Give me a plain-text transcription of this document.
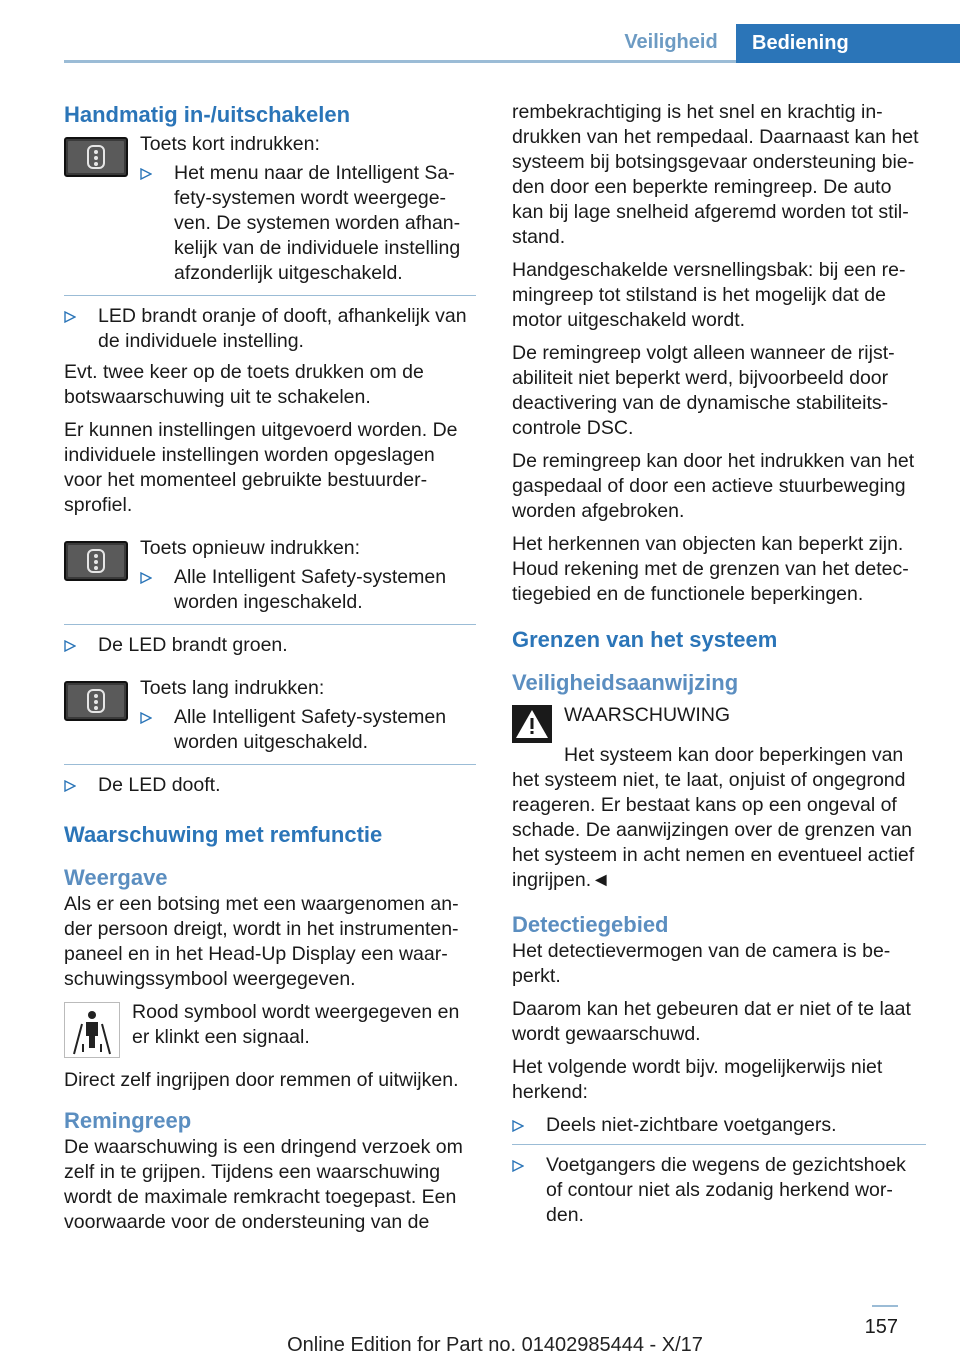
Veiligheid	Bediening
Handmatig in-/uitschakelen

Toets kort indrukken:

Het menu naar de Intelligent Sa‐ fety-systemen wordt weergege‐ ven. De systemen worden afhan‐ kelijk van de individuele instelling afzonderlijk uitgeschakeld.
LED brandt oranje of dooft, afhankelijk van de individuele instelling.

Evt. twee keer op de toets drukken om de botswaarschuwing uit te schakelen.

Er kunnen instellingen uitgevoerd worden. De individuele instellingen worden opgeslagen voor het momenteel gebruikte bestuurder‐ sprofiel.

Toets opnieuw indrukken:

Alle Intelligent Safety-systemen worden ingeschakeld.
De LED brandt groen.

Toets lang indrukken:

Alle Intelligent Safety-systemen worden uitgeschakeld.
De LED dooft.
Waarschuwing met remfunctie
Weergave

Als er een botsing met een waargenomen an‐ der persoon dreigt, wordt in het instrumenten‐ paneel en in het Head-Up Display een waar‐ schuwingssymbool weergegeven.

Rood symbool wordt weergegeven en er klinkt een signaal.

Direct zelf ingrijpen door remmen of uitwijken.

Remingreep

De waarschuwing is een dringend verzoek om zelf in te grijpen. Tijdens een waarschuwing wordt de maximale remkracht toegepast. Een voorwaarde voor de ondersteuning van de

rembekrachtiging is het snel en krachtig in‐ drukken van het rempedaal. Daarnaast kan het systeem bij botsingsgevaar ondersteuning bie‐ den door een beperkte remingreep. De auto kan bij lage snelheid afgeremd worden tot stil‐ stand.

Handgeschakelde versnellingsbak: bij een re‐ mingreep tot stilstand is het mogelijk dat de motor uitgeschakeld wordt.

De remingreep volgt alleen wanneer de rijst‐ abiliteit niet beperkt werd, bijvoorbeeld door deactivering van de dynamische stabiliteits‐ controle DSC.

De remingreep kan door het indrukken van het gaspedaal of door een actieve stuurbeweging worden afgebroken.

Het herkennen van objecten kan beperkt zijn. Houd rekening met de grenzen van het detec‐ tiegebied en de functionele beperkingen.

Grenzen van het systeem
Veiligheidsaanwijzing

WAARSCHUWING

Het systeem kan door beperkingen van het systeem niet, te laat, onjuist of ongegrond reageren. Er bestaat kans op een ongeval of schade. De aanwijzingen over de grenzen van het systeem in acht nemen en eventueel actief ingrijpen.◄

Detectiegebied

Het detectievermogen van de camera is be‐ perkt.

Daarom kan het gebeuren dat er niet of te laat wordt gewaarschuwd.

Het volgende wordt bijv. mogelijkerwijs niet herkend:

Deels niet-zichtbare voetgangers.
Voetgangers die wegens de gezichtshoek of contour niet als zodanig herkend wor‐ den.
157
Online Edition for Part no. 01402985444 - X/17
